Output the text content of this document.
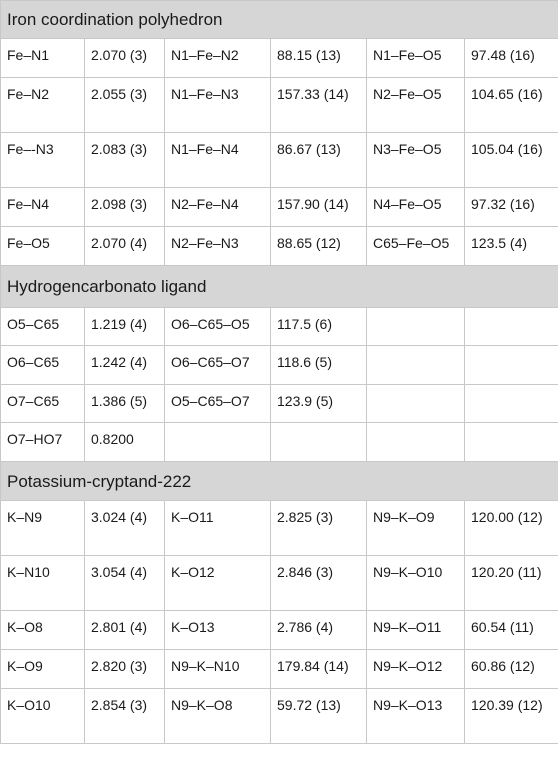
Iron coordination polyhedron					
Fe–N1	2.070 (3)	N1–Fe–N2	88.15 (13)	N1–Fe–O5	97.48 (16)
Fe–N2	2.055 (3)	N1–Fe–N3	157.33 (14)	N2–Fe–O5	104.65 (16)
Fe–-N3	2.083 (3)	N1–Fe–N4	86.67 (13)	N3–Fe–O5	105.04 (16)
Fe–N4	2.098 (3)	N2–Fe–N4	157.90 (14)	N4–Fe–O5	97.32 (16)
Fe–O5	2.070 (4)	N2–Fe–N3	88.65 (12)	C65–Fe–O5	123.5 (4)
Hydrogencarbonato ligand					
O5–C65	1.219 (4)	O6–C65–O5	117.5 (6)		
O6–C65	1.242 (4)	O6–C65–O7	118.6 (5)		
O7–C65	1.386 (5)	O5–C65–O7	123.9 (5)		
O7–HO7	0.8200				
Potassium-cryptand-222					
K–N9	3.024 (4)	K–O11	2.825 (3)	N9–K–O9	120.00 (12)
K–N10	3.054 (4)	K–O12	2.846 (3)	N9–K–O10	120.20 (11)
K–O8	2.801 (4)	K–O13	2.786 (4)	N9–K–O11	60.54 (11)
K–O9	2.820 (3)	N9–K–N10	179.84 (14)	N9–K–O12	60.86 (12)
K–O10	2.854 (3)	N9–K–O8	59.72 (13)	N9–K–O13	120.39 (12)
